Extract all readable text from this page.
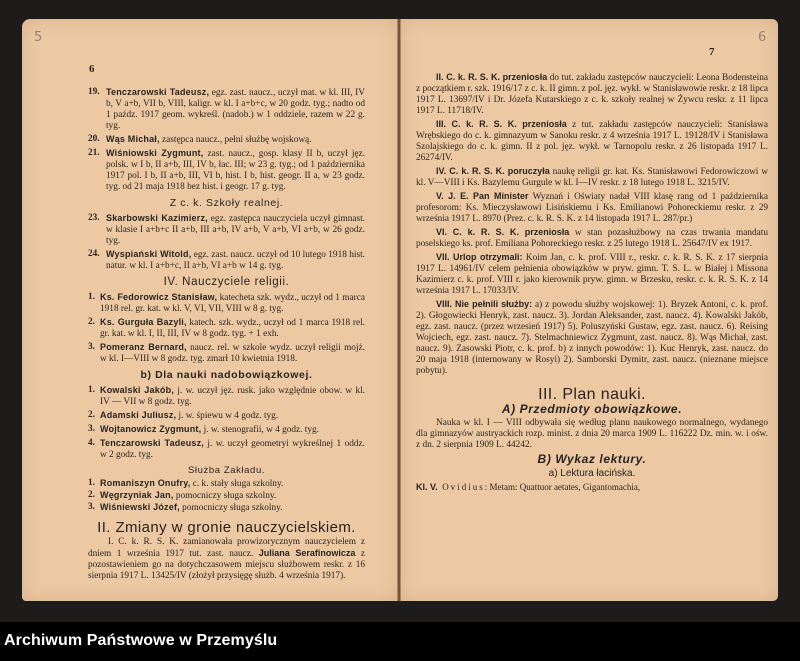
5	6
6
7
19. Tenczarowski Tadeusz, egz. zast. naucz., uczył mat. w kl. III, IV b, V a+b, VII b, VIII, kaligr. w kl. I a+b+c, w 20 godz. tyg.; nadto od 1 paźdz. 1917 geom. wykreśl. (nadob.) w 1 oddziele, razem w 22 g. tyg.
20. Wąs Michał, zastępca naucz., pełni służbę wojskową.
21. Wiśniowski Zygmunt, zast. naucz., gosp. klasy II b, uczył jęz. polsk. w I b, II a+b, III, IV b, łac. III; w 23 g. tyg.; od 1 października 1917 pol. I b, II a+b, III, VI b, hist. I b, hist. geogr. II a, w 23 godz. tyg. od 21 maja 1918 bez hist. i geogr. 17 g. tyg.
Z c. k. Szkoły realnej.
23. Skarbowski Kazimierz, egz. zastępca nauczyciela uczył gimnast. w klasie I a+b+c II a+b, III a+b, IV a+b, V a+b, VI a+b, w 26 godz. tyg.
24. Wyspiański Witold, egz. zast. naucz. uczył od 10 lutego 1918 hist. natur. w kl. I a+b+c, II a+b, VI a+b w 14 g. tyg.
IV. Nauczyciele religii.
1. Ks. Fedorowicz Stanisław, katecheta szk. wydz., uczył od 1 marca 1918 rel. gr. kat. w kl. V, VI, VII, VIII w 8 g. tyg.
2. Ks. Gurguła Bazyli, katech. szk. wydz., uczył od 1 marca 1918 rel. gr. kat. w kl. I, II, III, IV w 8 godz. tyg. + 1 exh.
3. Pomeranz Bernard, naucz. rel. w szkole wydz. uczył religii mojż. w kl. I—VIII w 8 godz. tyg. zmarł 10 kwietnia 1918.
b) Dla nauki nadobowiązkowej.
1. Kowalski Jakób, j. w. uczył jęz. rusk. jako względnie obow. w kl. IV — VII w 8 godz. tyg.
2. Adamski Juliusz, j. w. śpiewu w 4 godz. tyg.
3. Wojtanowicz Zygmunt, j. w. stenografii, w 4 godz. tyg.
4. Tenczarowski Tadeusz, j. w. uczył geometryi wykreślnej 1 oddz. w 2 godz. tyg.
Służba Zakładu.
1. Romaniszyn Onufry, c. k. stały sługa szkolny.
2. Węgrzyniak Jan, pomocniczy sługa szkolny.
3. Wiśniewski Józef, pomocniczy sługa szkolny.
II. Zmiany w gronie nauczycielskiem.
I. C. k. R. S. K. zamianowała prowizorycznym nauczycielem z dniem 1 września 1917 tut. zast. naucz. Juliana Serafinowicza z pozostawieniem go na dotychczasowem miejscu służbowem reskr. z 16 sierpnia 1917 L. 13425/IV (złożył przysięgę służb. 4 września 1917).
II. C. k. R. S. K. przeniosła do tut. zakładu zastępców nauczycieli: Leona Bodensteina z początkiem r. szk. 1916/17 z c. k. II gimn. z pol. jęz. wykł. w Stanisławowie reskr. z 18 lipca 1917 L. 13697/IV i Dr. Józefa Kutarskiego z c. k. szkoły realnej w Żywcu reskr. z 11 lipca 1917 L. 11718/IV.
III. C. k. R. S. K. przeniosła z tut. zakładu zastępców nauczycieli: Stanisława Wrębskiego do c. k. gimnazyum w Sanoku reskr. z 4 września 1917 L. 19128/IV i Stanisława Szolajskiego do c. k. gimn. II z pol. jęz. wykł. w Tarnopolu reskr. z 26 listopada 1917 L. 26274/IV.
IV. C. k. R. S. K. poruczyła naukę religii gr. kat. Ks. Stanisławowi Fedorowiczowi w kl. V—VIII i Ks. Bazylemu Gurgule w kl. I—IV reskr. z 18 lutego 1918 L. 3215/IV.
V. J. E. Pan Minister Wyznań i Oświaty nadał VIII klasę rang od 1 października profesorom: Ks. Mieczysławowi Lisińskiemu i Ks. Emilianowi Pohoreckiemu reskr. z 29 września 1917 L. 8970 (Prez. c. k. R. S. K. z 14 listopada 1917 L. 287/pr.)
VI. C. k. R. S. K. przeniosła w stan pozasłużbowy na czas trwania mandatu poselskiego ks. prof. Emiliana Pohoreckiego reskr. z 25 lutego 1918 L. 25647/IV ex 1917.
VII. Urlop otrzymali: Koim Jan, c. k. prof. VIII r., reskr. c. k. R. S. K. z 17 sierpnia 1917 L. 14961/IV celem pełnienia obowiązków w pryw. gimn. T. S. L. w Białej i Missona Kazimierz c. k. prof. VIII r. jako kierownik pryw. gimn. w Brzesku, reskr. c. k. R. S. K. z 14 września 1917 L. 17033/IV.
VIII. Nie pełnili służby: a) z powodu służby wojskowej: 1). Bryzek Antoni, c. k. prof. 2). Głogowiecki Henryk, zast. naucz. 3). Jordan Aleksander, zast. naucz. 4). Kowalski Jakób, egz. zast. naucz. (przez wrzesień 1917) 5). Poluszyński Gustaw, egz. zast. naucz. 6). Reising Wojciech, egz. zast. naucz. 7). Stelmachniewicz Zygmunt, zast. naucz. 8). Wąs Michał, zast. naucz. 9). Zasowski Piotr, c. k. prof. b) z innych powodów: 1). Kuc Henryk, zast. naucz. do 20 maja 1918 (internowany w Rosyi) 2). Samborski Dymitr, zast. naucz. (nieznane miejsce pobytu).
III. Plan nauki.
A) Przedmioty obowiązkowe.
Nauka w kl. I — VIII odbywała się według planu naukowego normalnego, wydanego dla gimnazyów austryackich rozp. minist. z dnia 20 marca 1909 L. 116222 Dz. min. w. i ośw. z dn. 2 sierpnia 1909 L. 44242.
B) Wykaz lektury.
a) Lektura łacińska.
Kl. V. Ovidius: Metam: Quattuor aetates, Gigantomachia,
Archiwum Państwowe w Przemyślu
